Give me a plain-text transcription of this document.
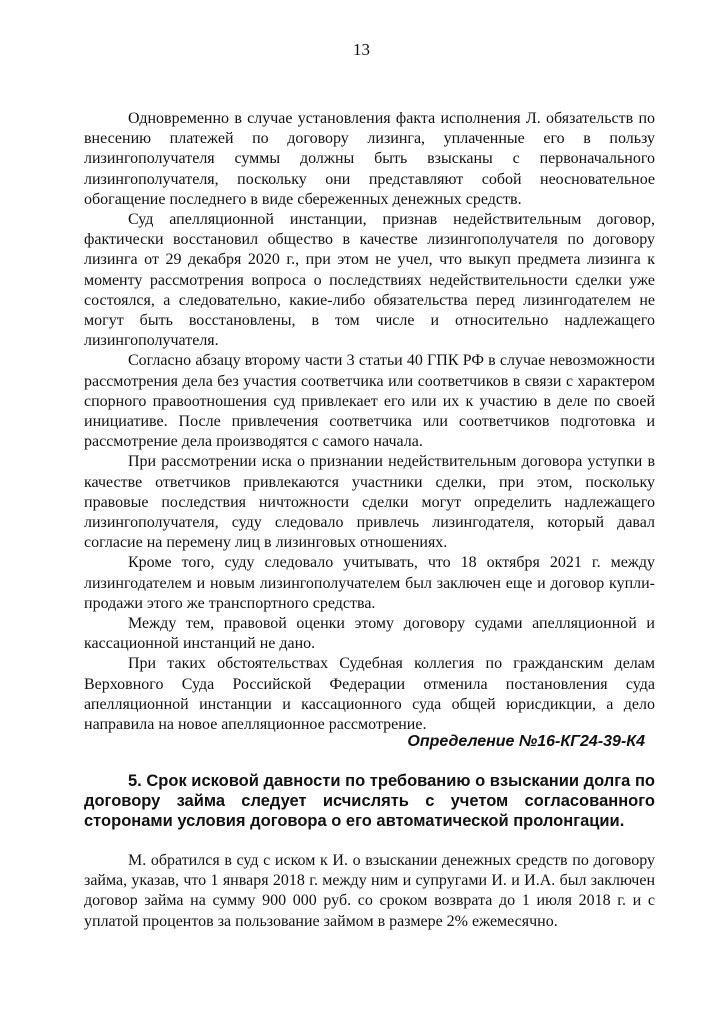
13

Одновременно в случае установления факта исполнения Л. обязательств по внесению платежей по договору лизинга, уплаченные его в пользу лизингополучателя суммы должны быть взысканы с первоначального лизингополучателя, поскольку они представляют собой неосновательное обогащение последнего в виде сбереженных денежных средств.

Суд апелляционной инстанции, признав недействительным договор, фактически восстановил общество в качестве лизингополучателя по договору лизинга от 29 декабря 2020 г., при этом не учел, что выкуп предмета лизинга к моменту рассмотрения вопроса о последствиях недействительности сделки уже состоялся, а следовательно, какие-либо обязательства перед лизингодателем не могут быть восстановлены, в том числе и относительно надлежащего лизингополучателя.

Согласно абзацу второму части 3 статьи 40 ГПК РФ в случае невозможности рассмотрения дела без участия соответчика или соответчиков в связи с характером спорного правоотношения суд привлекает его или их к участию в деле по своей инициативе. После привлечения соответчика или соответчиков подготовка и рассмотрение дела производятся с самого начала.

При рассмотрении иска о признании недействительным договора уступки в качестве ответчиков привлекаются участники сделки, при этом, поскольку правовые последствия ничтожности сделки могут определить надлежащего лизингополучателя, суду следовало привлечь лизингодателя, который давал согласие на перемену лиц в лизинговых отношениях.

Кроме того, суду следовало учитывать, что 18 октября 2021 г. между лизингодателем и новым лизингополучателем был заключен еще и договор купли-продажи этого же транспортного средства.

Между тем, правовой оценки этому договору судами апелляционной и кассационной инстанций не дано.

При таких обстоятельствах Судебная коллегия по гражданским делам Верховного Суда Российской Федерации отменила постановления суда апелляционной инстанции и кассационного суда общей юрисдикции, а дело направила на новое апелляционное рассмотрение.

Определение №16-КГ24-39-К4

5. Срок исковой давности по требованию о взыскании долга по договору займа следует исчислять с учетом согласованного сторонами условия договора о его автоматической пролонгации.

М. обратился в суд с иском к И. о взыскании денежных средств по договору займа, указав, что 1 января 2018 г. между ним и супругами И. и И.А. был заключен договор займа на сумму 900 000 руб. со сроком возврата до 1 июля 2018 г. и с уплатой процентов за пользование займом в размере 2% ежемесячно.
